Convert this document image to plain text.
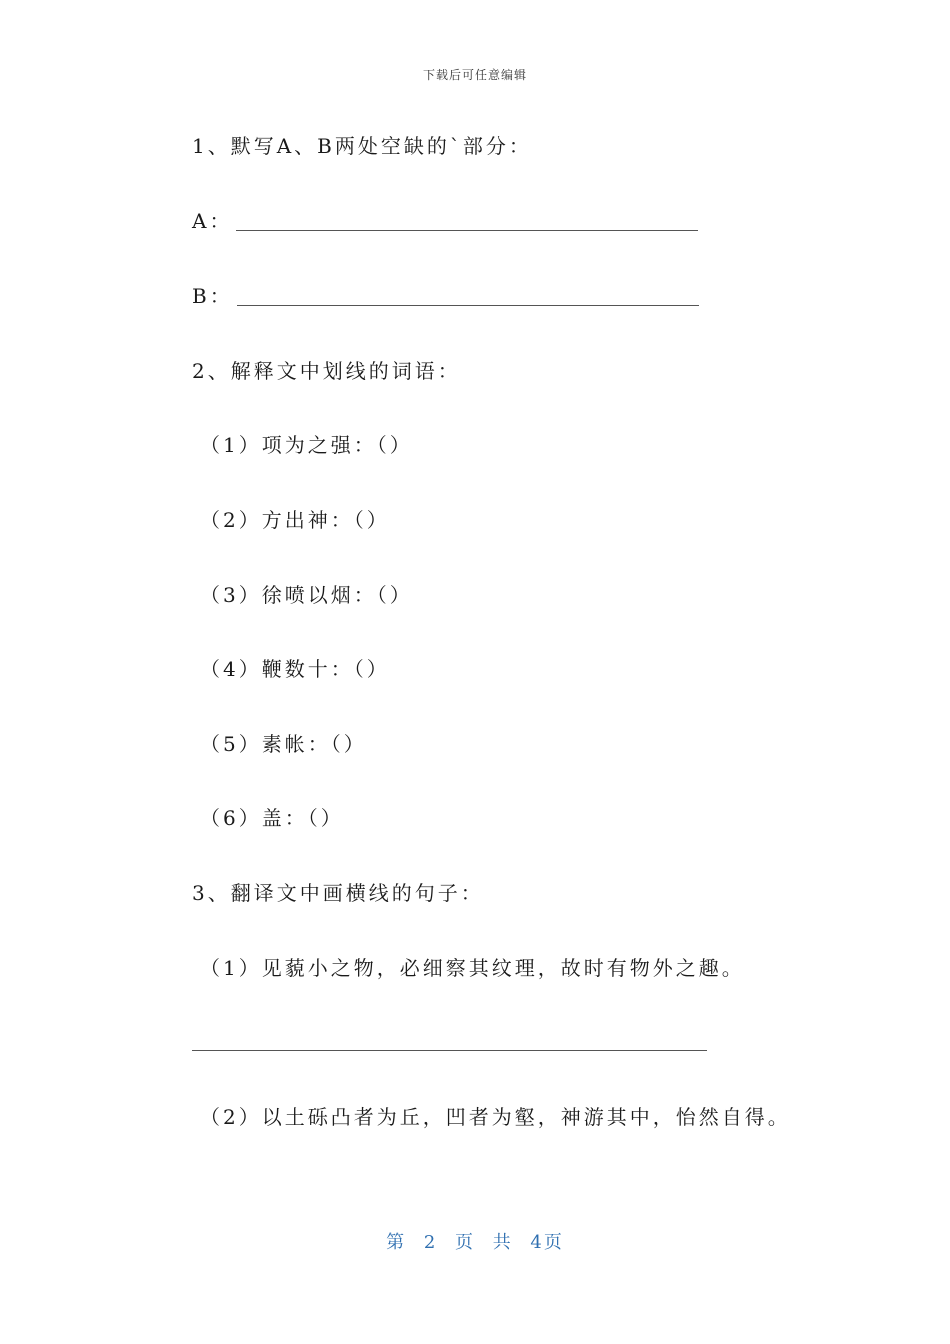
下载后可任意编辑
1、默写A、B两处空缺的`部分：
A：
B：
2、解释文中划线的词语：
（1）项为之强：（）
（2）方出神：（）
（3）徐喷以烟：（）
（4）鞭数十：（）
（5）素帐：（）
（6）盖：（）
3、翻译文中画横线的句子：
（1）见藐小之物，必细察其纹理，故时有物外之趣。
（2）以土砾凸者为丘，凹者为壑，神游其中，怡然自得。
第 2 页 共 4页
